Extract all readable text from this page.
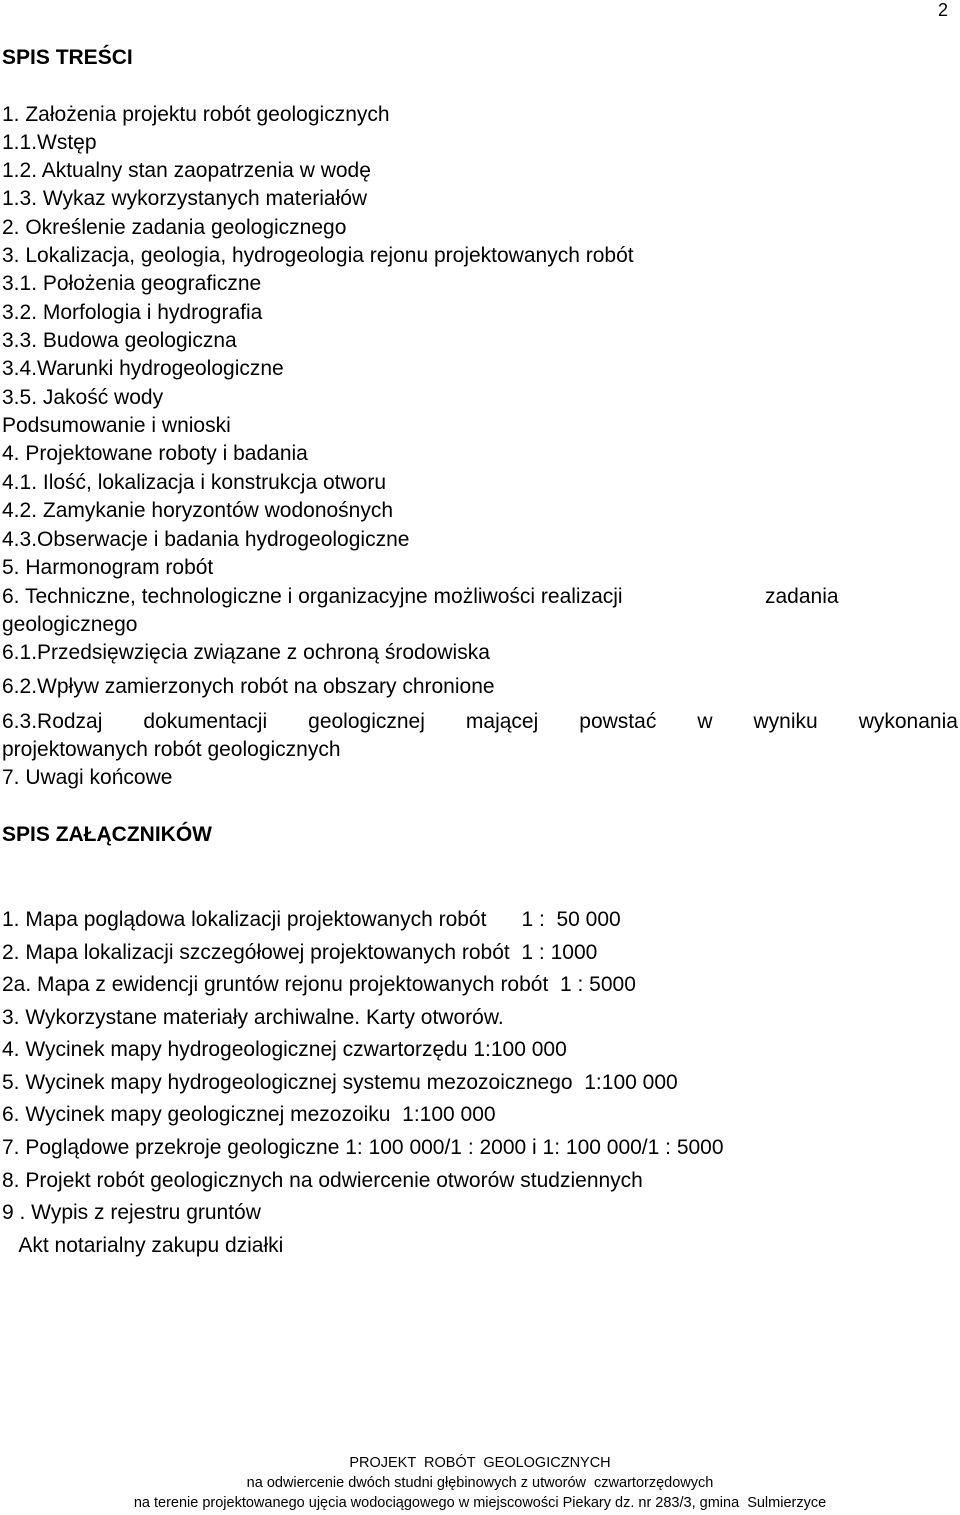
2
SPIS TREŚCI
1. Założenia projektu robót geologicznych
1.1.Wstęp
1.2. Aktualny stan zaopatrzenia w wodę
1.3. Wykaz wykorzystanych materiałów
2. Określenie zadania geologicznego
3. Lokalizacja, geologia, hydrogeologia rejonu projektowanych robót
3.1. Położenia geograficzne
3.2. Morfologia i hydrografia
3.3. Budowa geologiczna
3.4.Warunki hydrogeologiczne
3.5. Jakość wody
Podsumowanie i wnioski
4. Projektowane roboty i badania
4.1. Ilość, lokalizacja i konstrukcja otworu
4.2. Zamykanie horyzontów wodonośnych
4.3.Obserwacje i badania hydrogeologiczne
5. Harmonogram robót
6. Techniczne, technologiczne i organizacyjne możliwości realizacji	zadania
geologicznego
6.1.Przedsięwzięcia związane z ochroną środowiska
6.2.Wpływ zamierzonych robót na obszary chronione
6.3.Rodzaj dokumentacji geologicznej mającej powstać w wyniku wykonania
projektowanych robót geologicznych
7. Uwagi końcowe
SPIS ZAŁĄCZNIKÓW
1. Mapa poglądowa lokalizacji projektowanych robót      1 :  50 000
2. Mapa lokalizacji szczegółowej projektowanych robót  1 : 1000
2a. Mapa z ewidencji gruntów rejonu projektowanych robót  1 : 5000
3. Wykorzystane materiały archiwalne. Karty otworów.
4. Wycinek mapy hydrogeologicznej czwartorzędu 1:100 000
5. Wycinek mapy hydrogeologicznej systemu mezozoicznego  1:100 000
6. Wycinek mapy geologicznej mezozoiku  1:100 000
7. Poglądowe przekroje geologiczne 1: 100 000/1 : 2000 i 1: 100 000/1 : 5000
8. Projekt robót geologicznych na odwiercenie otworów studziennych
9 . Wypis z rejestru gruntów
Akt notarialny zakupu działki
PROJEKT  ROBÓT  GEOLOGICZNYCH
na odwiercenie dwóch studni głębinowych z utworów  czwartorzędowych
na terenie projektowanego ujęcia wodociągowego w miejscowości Piekary dz. nr 283/3, gmina  Sulmierzyce
